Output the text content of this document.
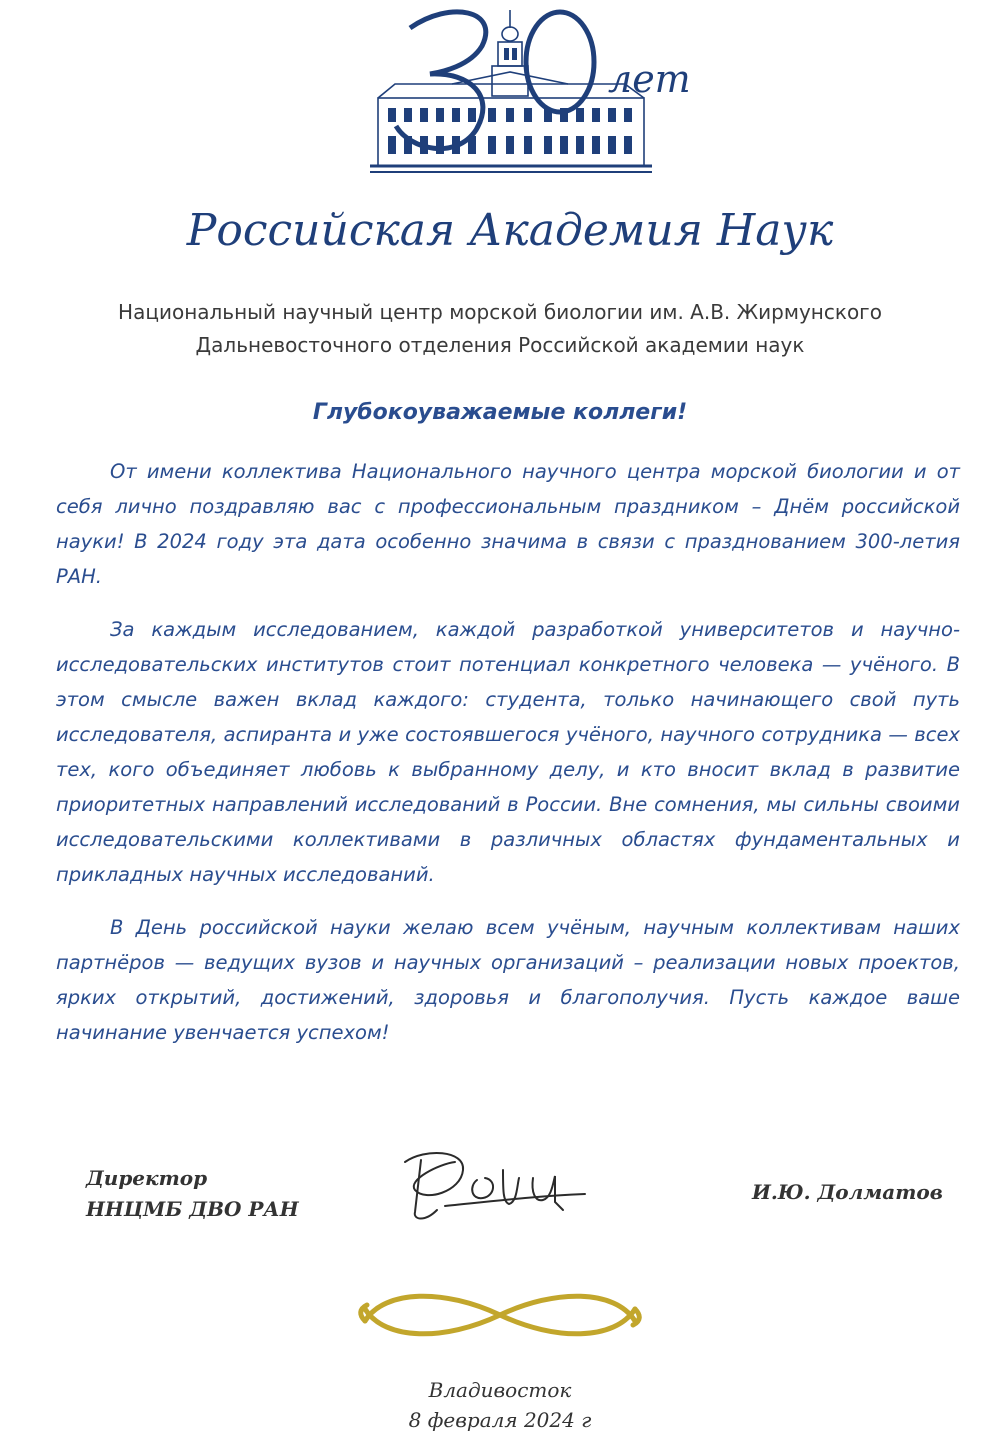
лет
Российская Академия Наук
Национальный научный центр морской биологии им. А.В. Жирмунского
Дальневосточного отделения Российской академии наук
Глубокоуважаемые коллеги!

От имени коллектива Национального научного центра морской биологии и от себя лично поздравляю вас с профессиональным праздником – Днём российской науки! В 2024 году эта дата особенно значима в связи с празднованием 300-летия РАН.

За каждым исследованием, каждой разработкой университетов и научно-исследовательских институтов стоит потенциал конкретного человека — учёного. В этом смысле важен вклад каждого: студента, только начинающего свой путь исследователя, аспиранта и уже состоявшегося учёного, научного сотрудника — всех тех, кого объединяет любовь к выбранному делу, и кто вносит вклад в развитие приоритетных направлений исследований в России. Вне сомнения, мы сильны своими исследовательскими коллективами в различных областях фундаментальных и прикладных научных исследований.

В День российской науки желаю всем учёным, научным коллективам наших партнёров — ведущих вузов и научных организаций – реализации новых проектов, ярких открытий, достижений, здоровья и благополучия. Пусть каждое ваше начинание увенчается успехом!

Директор
ННЦМБ ДВО РАН
И.Ю. Долматов
Владивосток
8 февраля 2024 г
